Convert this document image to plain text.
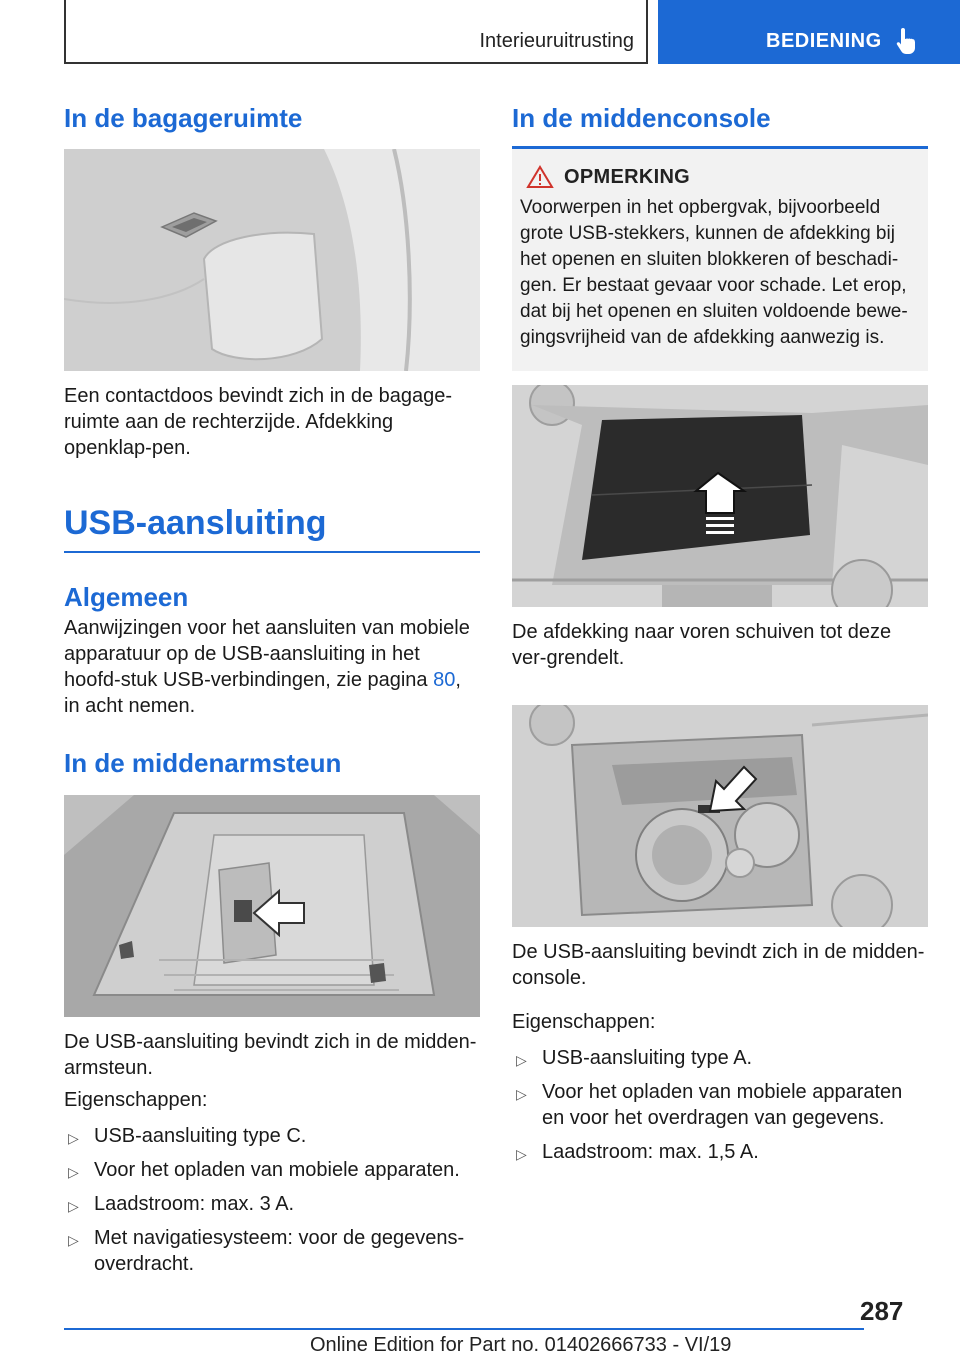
Interieuruitrusting	BEDIENING
In de bagageruimte

Een contactdoos bevindt zich in de bagage-ruimte aan de rechterzijde. Afdekking openklap-pen.

USB-aansluiting
Algemeen

Aanwijzingen voor het aansluiten van mobiele apparatuur op de USB-aansluiting in het hoofd-stuk USB-verbindingen, zie pagina 80, in acht nemen.

In de middenarmsteun

De USB-aansluiting bevindt zich in de midden-armsteun.

Eigenschappen:

▷ USB-aansluiting type C.
▷ Voor het opladen van mobiele apparaten.
▷ Laadstroom: max. 3 A.
▷ Met navigatiesysteem: voor de gegevens-overdracht.
In de middenconsole
OPMERKING

Voorwerpen in het opbergvak, bijvoorbeeld grote USB-stekkers, kunnen de afdekking bij het openen en sluiten blokkeren of beschadi-gen. Er bestaat gevaar voor schade. Let erop, dat bij het openen en sluiten voldoende bewe-gingsvrijheid van de afdekking aanwezig is.

De afdekking naar voren schuiven tot deze ver-grendelt.

De USB-aansluiting bevindt zich in de midden-console.

Eigenschappen:

▷ USB-aansluiting type A.
▷ Voor het opladen van mobiele apparaten en voor het overdragen van gegevens.
▷ Laadstroom: max. 1,5 A.
287
Online Edition for Part no. 01402666733 - VI/19
